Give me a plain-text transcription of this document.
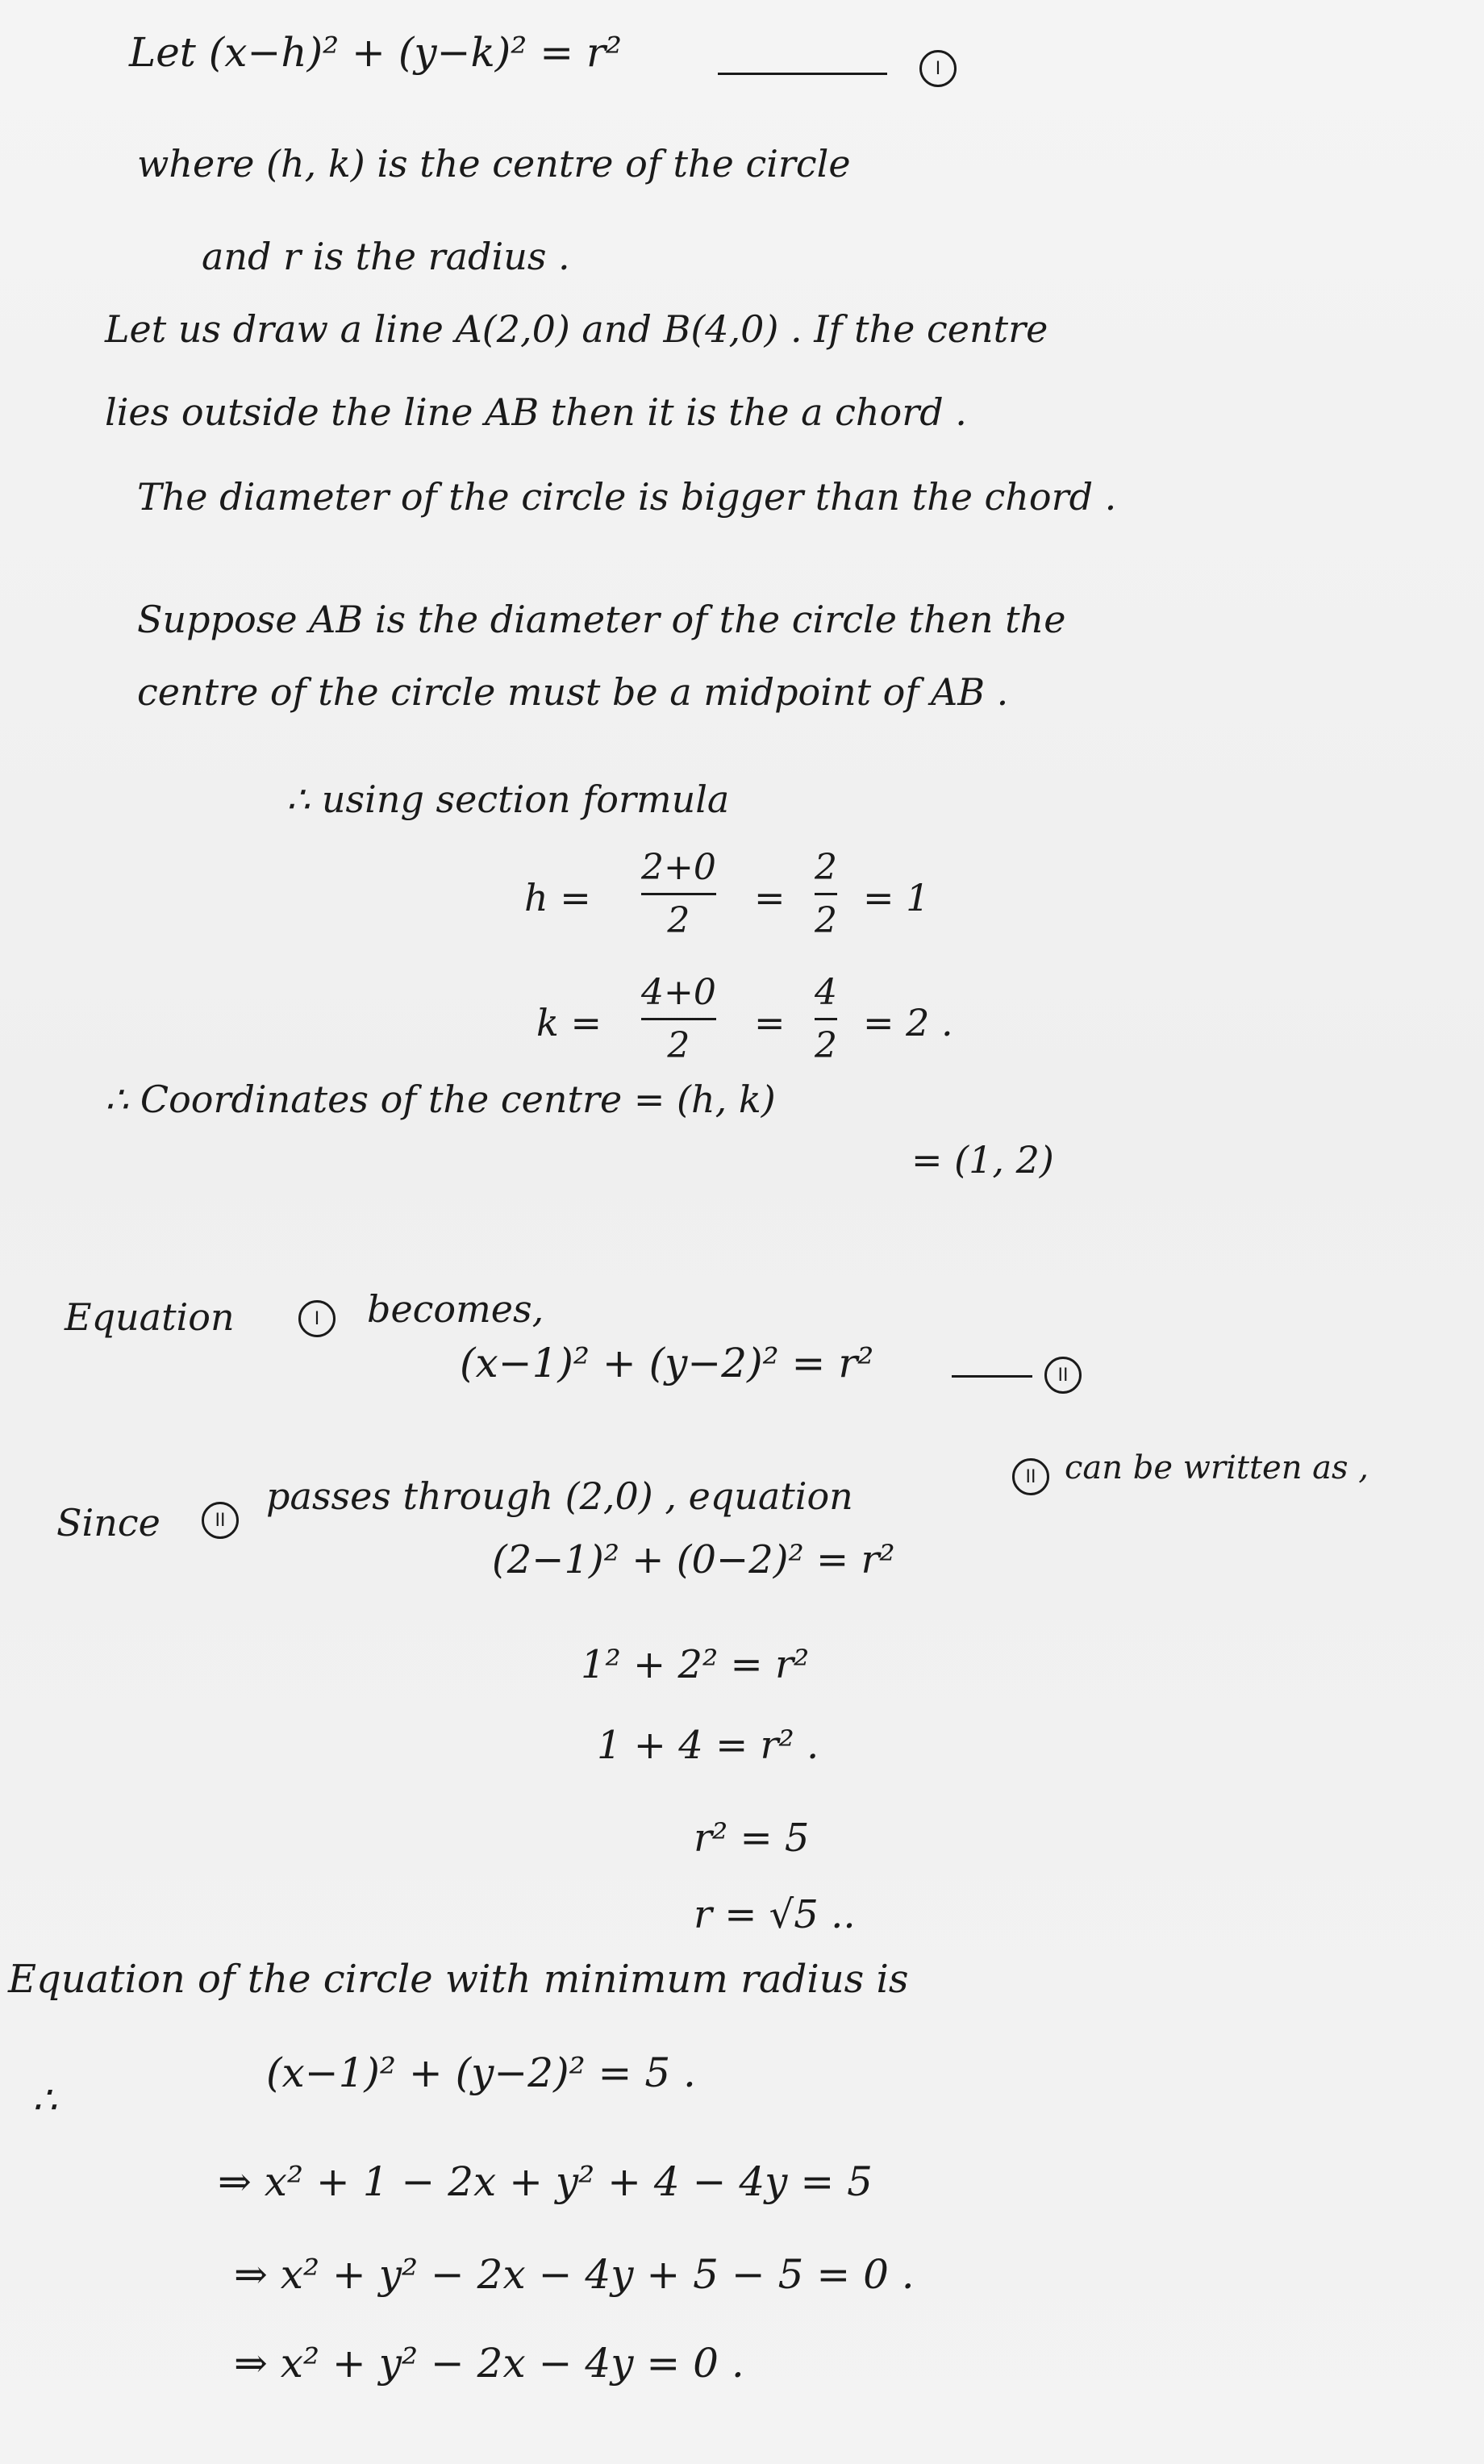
Let (x−h)² + (y−k)² = r²	I
where (h, k) is the centre of the circle
and r is the radius .
Let us draw a line A(2,0) and B(4,0) . If the centre
lies outside the line AB then it is the a chord .
The diameter of the circle is bigger than the chord .
Suppose AB is the diameter of the circle then the
centre of the circle must be a midpoint of AB .
∴ using section formula
h =
2+0
2
=
2
2
= 1
k =
4+0
2
=
4
2
= 2 .
∴ Coordinates of the centre = (h, k)
= (1, 2)
Equation	I	becomes,
(x−1)² + (y−2)² = r²	II
Since	II
passes through (2,0) , equation	II can be written as ,
(2−1)² + (0−2)² = r²
1² + 2² = r²
1 + 4 = r² .
r² = 5
r = √5 ..
Equation of the circle with minimum radius is
∴
(x−1)² + (y−2)² = 5 .
⇒ x² + 1 − 2x + y² + 4 − 4y = 5
⇒ x² + y² − 2x − 4y + 5 − 5 = 0 .
⇒ x² + y² − 2x − 4y = 0 .
